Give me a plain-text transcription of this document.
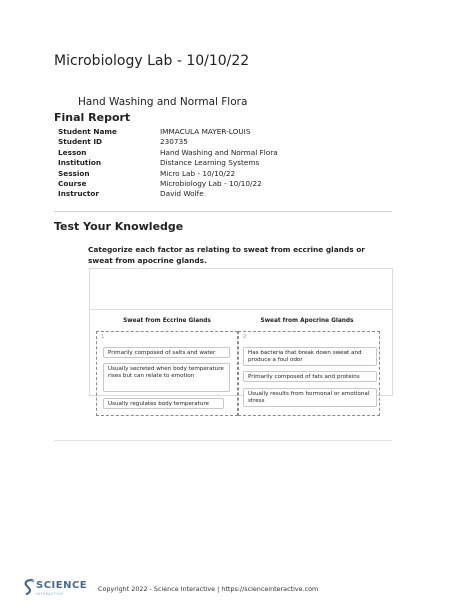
Microbiology Lab - 10/10/22
Hand Washing and Normal Flora
Final Report
Student Name	IMMACULA MAYER-LOUIS
Student ID	230735
Lesson	Hand Washing and Normal Flora
Institution	Distance Learning Systems
Session	Micro Lab - 10/10/22
Course	Microbiology Lab - 10/10/22
Instructor	David Wolfe
Test Your Knowledge
Categorize each factor as relating to sweat from eccrine glands or sweat from apocrine glands.
Sweat from Eccrine Glands	Sweat from Apocrine Glands
1
Primarily composed of salts and water
Usually secreted when body temperature rises but can relate to emotion
Usually regulates body temperature
2
Has bacteria that break down sweat and produce a foul odor
Primarily composed of fats and proteins
Usually results from hormonal or emotional stress
SCIENCE
INTERACTIVE
Copyright 2022 - Science Interactive | https://scienceinteractive.com
